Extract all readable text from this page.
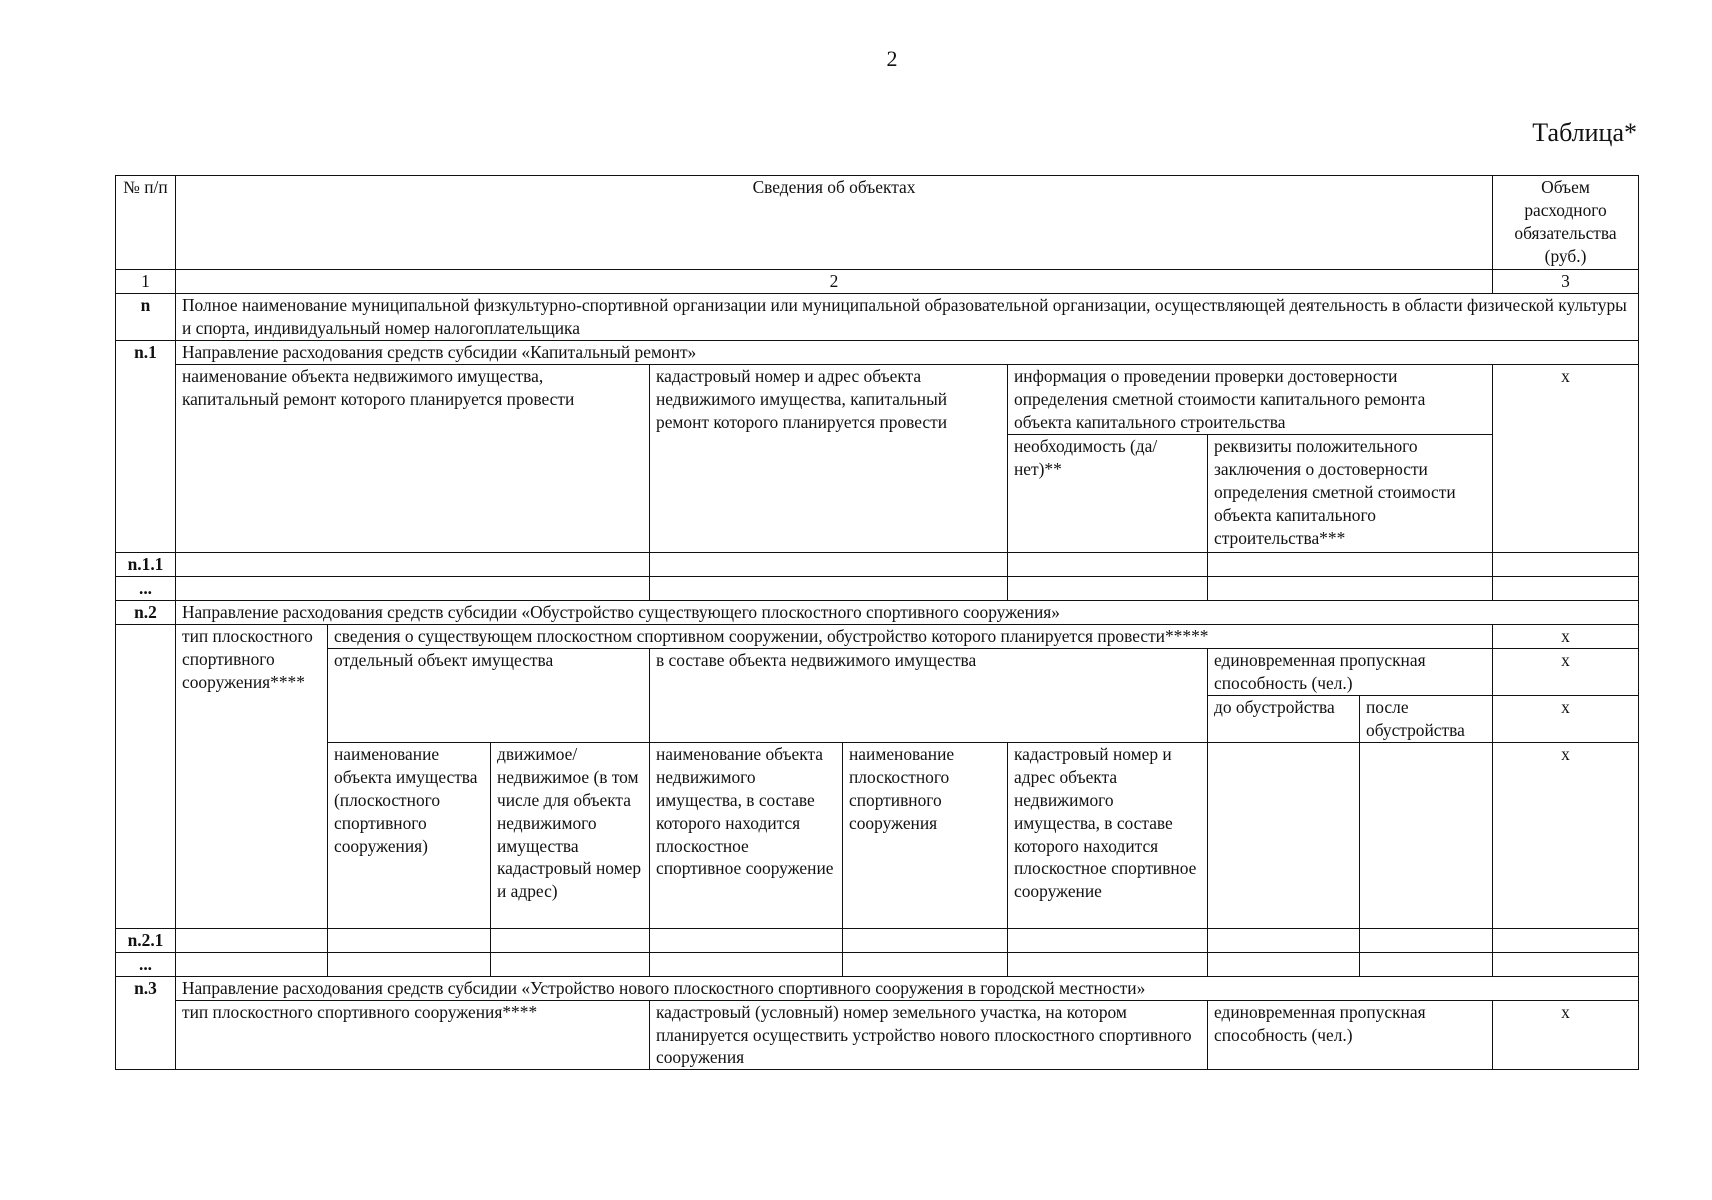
2
Таблица*
№ п/п	Сведения об объектах								Объем расходного обязательства (руб.)
1	2								3
n	Полное наименование муниципальной физкультурно-спортивной организации или муниципальной образовательной организации, осуществляющей деятельность в области физической культуры и спорта, индивидуальный номер налогоплательщика								
n.1	Направление расходования средств субсидии «Капитальный ремонт»								
	наименование объекта недвижимого имущества, капитальный ремонт которого планируется провести			кадастровый номер и адрес объекта недвижимого имущества, капитальный ремонт которого планируется провести		информация о проведении проверки достоверности определения сметной стоимости капитального ремонта объекта капитального строительства			x
						необходимость (да/нет)**	реквизиты положительного заключения о достоверности определения сметной стоимости объекта капитального строительства***		
n.1.1									
...									
n.2	Направление расходования средств субсидии «Обустройство существующего плоскостного спортивного сооружения»								
	тип плоскостного спортивного сооружения****	сведения о существующем плоскостном спортивном сооружении, обустройство которого планируется провести*****							x
		отдельный объект имущества		в составе объекта недвижимого имущества			единовременная пропускная способность (чел.)		x
							до обустройства	после обустройства	x
		наименование объекта имущества (плоскостного спортивного сооружения)	движимое/ недвижимое (в том числе для объекта недвижимого имущества кадастровый номер и адрес)	наименование объекта недвижимого имущества, в составе которого находится плоскостное спортивное сооружение	наименование плоскостного спортивного сооружения	кадастровый номер и адрес объекта недвижимого имущества, в составе которого находится плоскостное спортивное сооружение			x
n.2.1									
...									
n.3	Направление расходования средств субсидии «Устройство нового плоскостного спортивного сооружения в городской местности»								
	тип плоскостного спортивного сооружения****			кадастровый (условный) номер земельного участка, на котором планируется осуществить устройство нового плоскостного спортивного сооружения			единовременная пропускная способность (чел.)		x
